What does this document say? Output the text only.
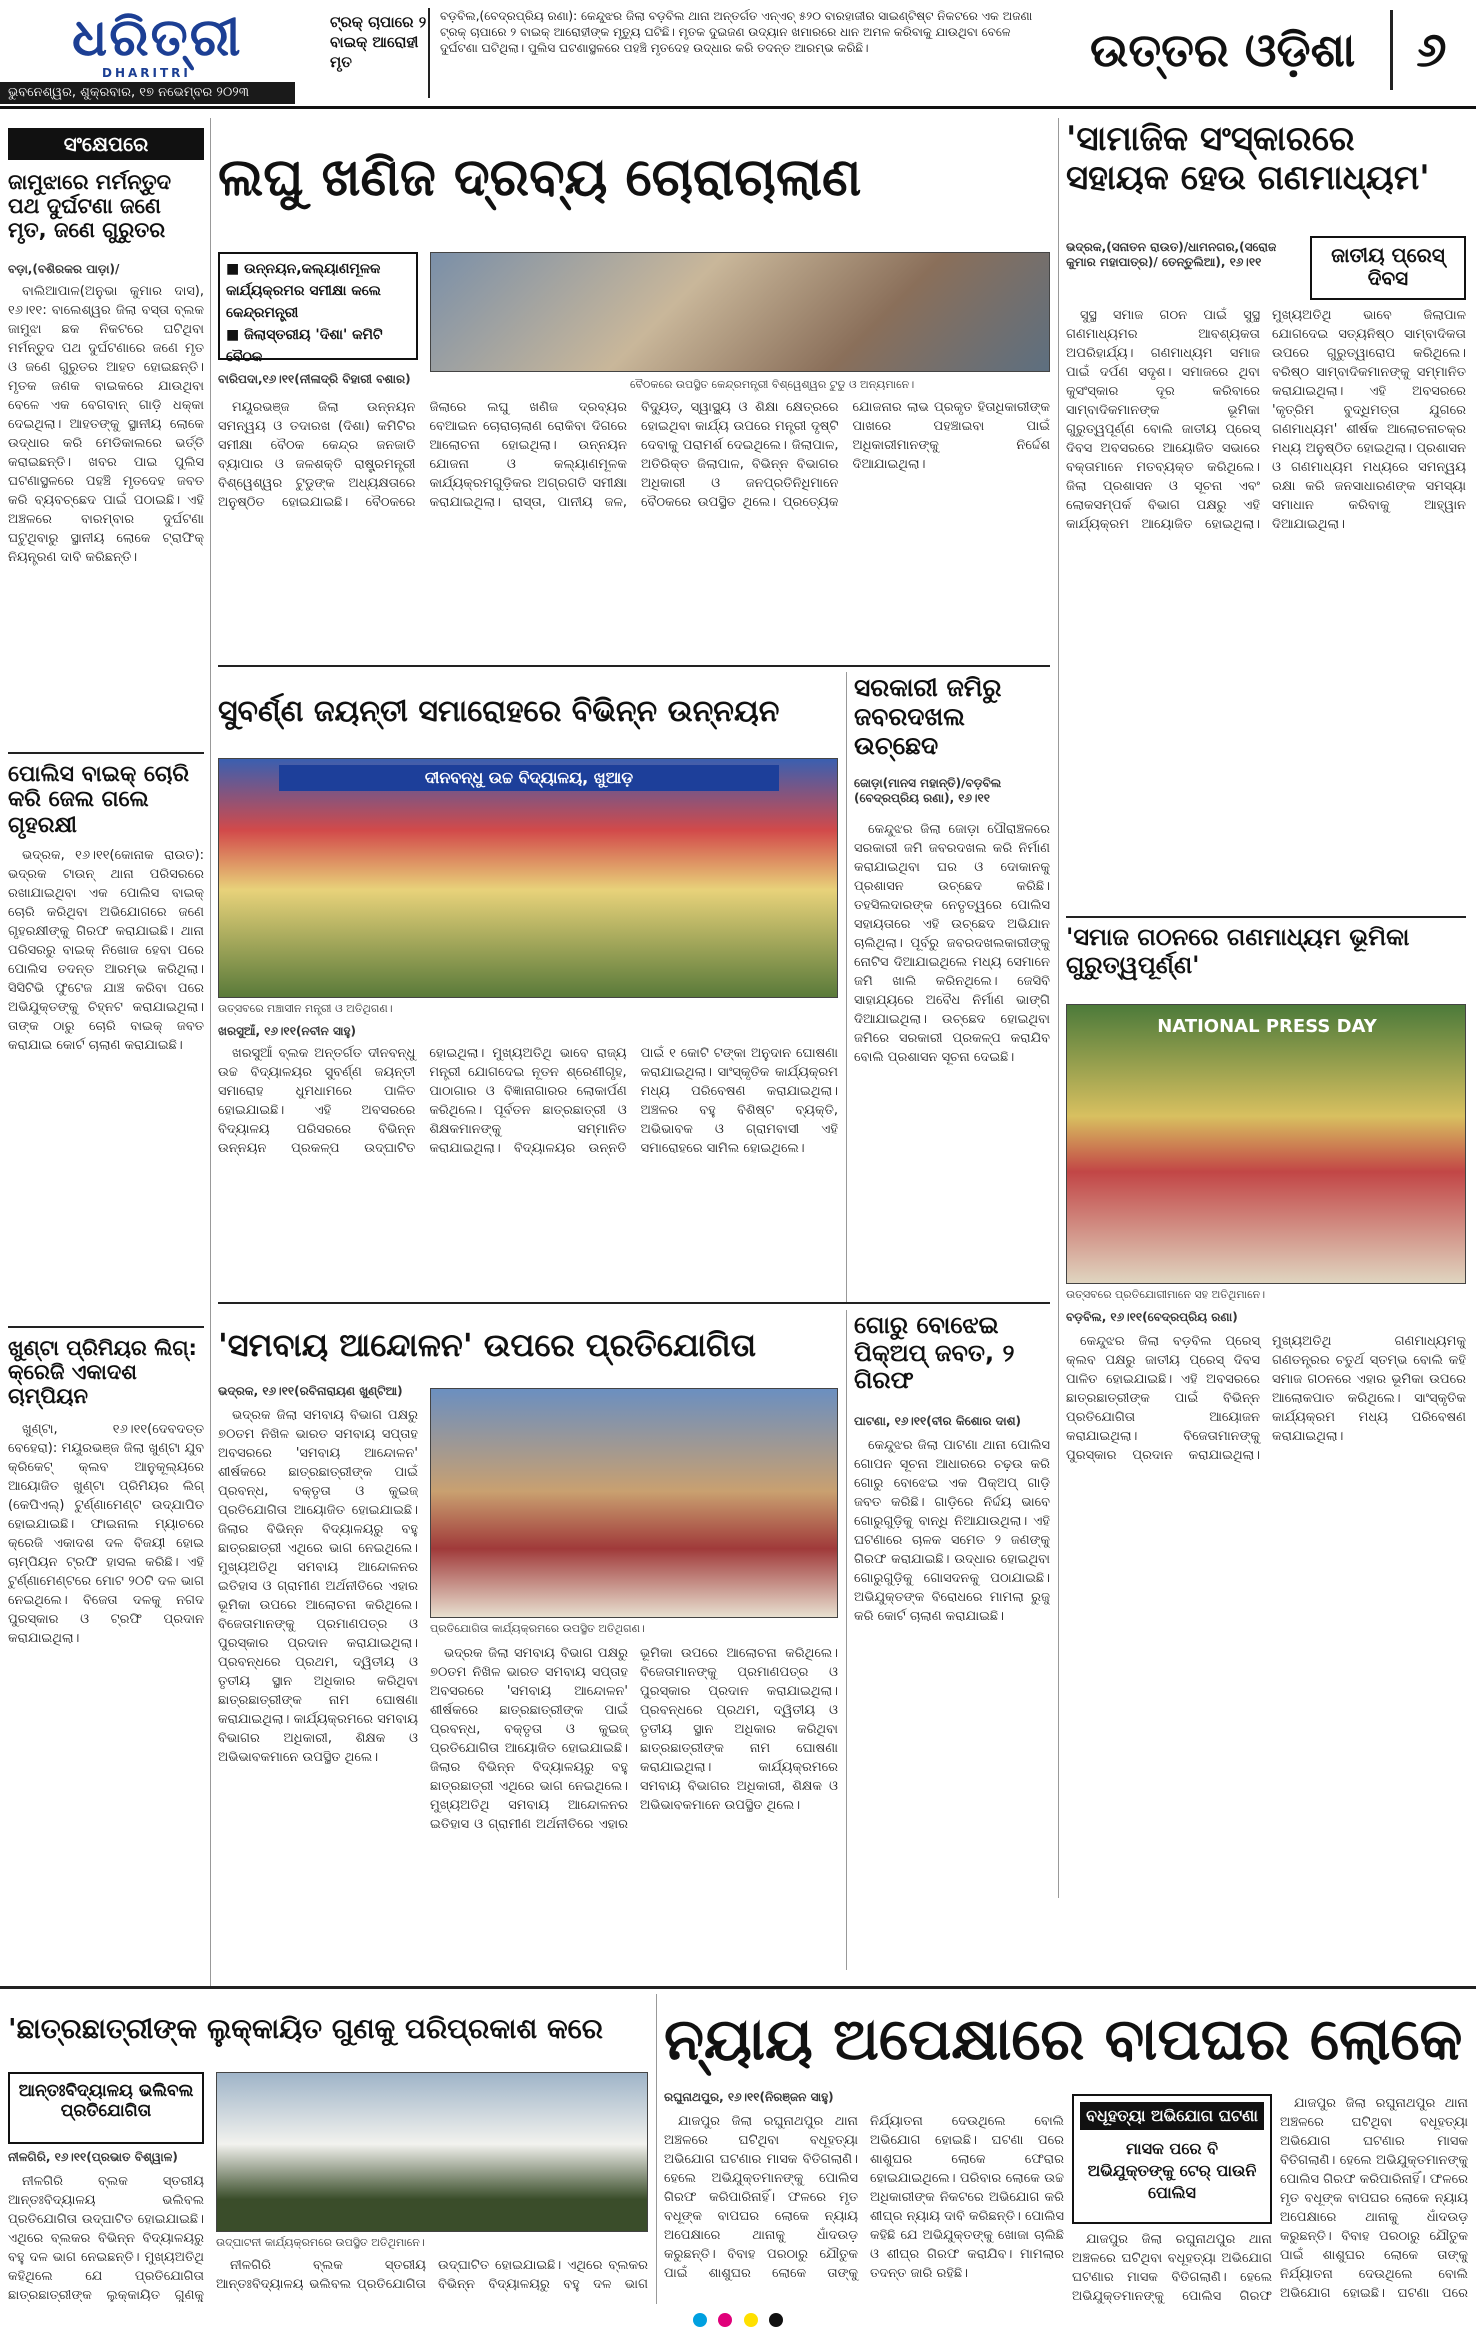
ଧରିତ୍ରୀ
DHARITRI
ଭୁବନେଶ୍ୱର, ଶୁକ୍ରବାର, ୧୭ ନଭେମ୍ବର ୨୦୨୩
ଟ୍ରକ୍ ଚାପାରେ ୨ ବାଇକ୍ ଆରୋହୀ ମୃତ
ବଡ଼ବିଲ,(ବେଦ୍ରପ୍ରିୟ ରଣା): କେନ୍ଦୁଝର ଜିଲା ବଡ଼ବିଲ ଥାନା ଅନ୍ତର୍ଗତ ଏନ୍‌ଏଚ୍ ୫୨୦ ବାରହାଜୀର ସାଇଣ୍ଟିଷ୍ଟ ନିକଟରେ ଏକ ଅଜଣା ଟ୍ରକ୍ ଚାପାରେ ୨ ବାଇକ୍ ଆରୋହୀଙ୍କ ମୃତ୍ୟୁ ଘଟିଛି। ମୃତକ ଦୁଇଜଣ ଉଦ୍ୟାନ ଖମାରରେ ଧାନ ଅମଳ କରିବାକୁ ଯାଉଥିବା ବେଳେ ଦୁର୍ଘଟଣା ଘଟିଥିଲା। ପୁଲିସ ଘଟଣାସ୍ଥଳରେ ପହଞ୍ଚି ମୃତଦେହ ଉଦ୍ଧାର କରି ତଦନ୍ତ ଆରମ୍ଭ କରିଛି।	ଉତ୍ତର ଓଡ଼ିଶା	୬
ସଂକ୍ଷେପରେ
ଜାମୁଝାରେ ମର୍ମନ୍ତୁଦ ପଥ ଦୁର୍ଘଟଣା ଜଣେ ମୃତ, ଜଣେ ଗୁରୁତର
ବଡ଼ା,(ବଶିରକର ପାଡ଼ା)/

ବାଲିଆପାଳ(ଅନୁଭା କୁମାର ଦାସ), ୧୬।୧୧: ବାଲେଶ୍ୱର ଜିଲା ବସ୍ତା ବ୍ଲକ ଜାମୁଝା ଛକ ନିକଟରେ ଘଟିଥିବା ମର୍ମନ୍ତୁଦ ପଥ ଦୁର୍ଘଟଣାରେ ଜଣେ ମୃତ ଓ ଜଣେ ଗୁରୁତର ଆହତ ହୋଇଛନ୍ତି। ମୃତକ ଜଣକ ବାଇକରେ ଯାଉଥିବା ବେଳେ ଏକ ବେଗବାନ୍ ଗାଡ଼ି ଧକ୍କା ଦେଇଥିଲା। ଆହତଙ୍କୁ ସ୍ଥାନୀୟ ଲୋକେ ଉଦ୍ଧାର କରି ମେଡିକାଲରେ ଭର୍ତ୍ତି କରାଇଛନ୍ତି। ଖବର ପାଇ ପୁଲିସ ଘଟଣାସ୍ଥଳରେ ପହଞ୍ଚି ମୃତଦେହ ଜବତ କରି ବ୍ୟବଚ୍ଛେଦ ପାଇଁ ପଠାଇଛି। ଏହି ଅଞ୍ଚଳରେ ବାରମ୍ବାର ଦୁର୍ଘଟଣା ଘଟୁଥିବାରୁ ସ୍ଥାନୀୟ ଲୋକେ ଟ୍ରାଫିକ୍ ନିୟନ୍ତ୍ରଣ ଦାବି କରିଛନ୍ତି।

ପୋଲିସ ବାଇକ୍ ଚୋରି କରି ଜେଲ ଗଲେ ଗୃହରକ୍ଷୀ

ଭଦ୍ରକ, ୧୬।୧୧(କୋନାକ ରାଉତ): ଭଦ୍ରକ ଟାଉନ୍ ଥାନା ପରିସରରେ ରଖାଯାଇଥିବା ଏକ ପୋଲିସ ବାଇକ୍ ଚୋରି କରିଥିବା ଅଭିଯୋଗରେ ଜଣେ ଗୃହରକ୍ଷୀଙ୍କୁ ଗିରଫ କରାଯାଇଛି। ଥାନା ପରିସରରୁ ବାଇକ୍ ନିଖୋଜ ହେବା ପରେ ପୋଲିସ ତଦନ୍ତ ଆରମ୍ଭ କରିଥିଲା। ସିସିଟିଭି ଫୁଟେଜ ଯାଞ୍ଚ କରିବା ପରେ ଅଭିଯୁକ୍ତଙ୍କୁ ଚିହ୍ନଟ କରାଯାଇଥିଲା। ତାଙ୍କ ଠାରୁ ଚୋରି ବାଇକ୍ ଜବତ କରାଯାଇ କୋର୍ଟ ଚାଲାଣ କରାଯାଇଛି।

ଖୁଣ୍ଟା ପ୍ରିମିୟର ଲିଗ୍: କ୍ରେଜି ଏକାଦଶ ଚାମ୍ପିୟନ

ଖୁଣ୍ଟା, ୧୬।୧୧(ଦେବଦତ୍ତ ବେହେରା): ମୟୂରଭଞ୍ଜ ଜିଲା ଖୁଣ୍ଟା ଯୁବ କ୍ରିକେଟ୍ କ୍ଲବ ଆନୁକୂଲ୍ୟରେ ଆୟୋଜିତ ଖୁଣ୍ଟା ପ୍ରିମିୟର ଲିଗ୍ (କେପିଏଲ୍) ଟୁର୍ଣ୍ଣାମେଣ୍ଟ ଉଦ୍‌ଯାପିତ ହୋଇଯାଇଛି। ଫାଇନାଲ ମ୍ୟାଚରେ କ୍ରେଜି ଏକାଦଶ ଦଳ ବିଜୟୀ ହୋଇ ଚାମ୍ପିୟନ ଟ୍ରଫି ହାସଲ କରିଛି। ଏହି ଟୁର୍ଣ୍ଣାମେଣ୍ଟରେ ମୋଟ ୨୦ଟି ଦଳ ଭାଗ ନେଇଥିଲେ। ବିଜେତା ଦଳକୁ ନଗଦ ପୁରସ୍କାର ଓ ଟ୍ରଫି ପ୍ରଦାନ କରାଯାଇଥିଲା।

ଲଘୁ ଖଣିଜ ଦ୍ରବ୍ୟ ଚୋରାଚାଲାଣ
■ ଉନ୍ନୟନ,କଲ୍ୟାଣମୂଳକ କାର୍ଯ୍ୟକ୍ରମର ସମୀକ୍ଷା କଲେ କେନ୍ଦ୍ରମନ୍ତ୍ରୀ
■ ଜିଲାସ୍ତରୀୟ 'ଦିଶା' କମିଟି ବୈଠକ
ବାରିପଦା,୧୬।୧୧(ନୀଳାଦ୍ରି ବିହାରୀ ବଶାର)	ବୈଠକରେ ଉପସ୍ଥିତ କେନ୍ଦ୍ରମନ୍ତ୍ରୀ ବିଶ୍ୱେଶ୍ୱର ଟୁଡୁ ଓ ଅନ୍ୟମାନେ।

ମୟୂରଭଞ୍ଜ ଜିଲା ଉନ୍ନୟନ ସମନ୍ୱୟ ଓ ତଦାରଖ (ଦିଶା) କମିଟିର ସମୀକ୍ଷା ବୈଠକ କେନ୍ଦ୍ର ଜନଜାତି ବ୍ୟାପାର ଓ ଜଳଶକ୍ତି ରାଷ୍ଟ୍ରମନ୍ତ୍ରୀ ବିଶ୍ୱେଶ୍ୱର ଟୁଡୁଙ୍କ ଅଧ୍ୟକ୍ଷତାରେ ଅନୁଷ୍ଠିତ ହୋଇଯାଇଛି। ବୈଠକରେ ଜିଲାରେ ଲଘୁ ଖଣିଜ ଦ୍ରବ୍ୟର ବେଆଇନ ଚୋରାଚାଲାଣ ରୋକିବା ଦିଗରେ ଆଲୋଚନା ହୋଇଥିଲା। ଉନ୍ନୟନ ଯୋଜନା ଓ କଲ୍ୟାଣମୂଳକ କାର୍ଯ୍ୟକ୍ରମଗୁଡ଼ିକର ଅଗ୍ରଗତି ସମୀକ୍ଷା କରାଯାଇଥିଲା। ରାସ୍ତା, ପାନୀୟ ଜଳ, ବିଦ୍ୟୁତ୍, ସ୍ୱାସ୍ଥ୍ୟ ଓ ଶିକ୍ଷା କ୍ଷେତ୍ରରେ ହୋଇଥିବା କାର୍ଯ୍ୟ ଉପରେ ମନ୍ତ୍ରୀ ଦୃଷ୍ଟି ଦେବାକୁ ପରାମର୍ଶ ଦେଇଥିଲେ। ଜିଲାପାଳ, ଅତିରିକ୍ତ ଜିଲାପାଳ, ବିଭିନ୍ନ ବିଭାଗର ଅଧିକାରୀ ଓ ଜନପ୍ରତିନିଧିମାନେ ବୈଠକରେ ଉପସ୍ଥିତ ଥିଲେ। ପ୍ରତ୍ୟେକ ଯୋଜନାର ଲାଭ ପ୍ରକୃତ ହିତାଧିକାରୀଙ୍କ ପାଖରେ ପହଞ୍ଚାଇବା ପାଇଁ ଅଧିକାରୀମାନଙ୍କୁ ନିର୍ଦ୍ଦେଶ ଦିଆଯାଇଥିଲା।

'ସାମାଜିକ ସଂସ୍କାରରେ ସହାୟକ ହେଉ ଗଣମାଧ୍ୟମ'
ଭଦ୍ରକ,(ସନାତନ ରାଉତ)/ଧାମନଗର,(ସରୋଜ କୁମାର ମହାପାତ୍ର)/ ତେନ୍ତୁଲିଆ), ୧୬।୧୧	ଜାତୀୟ ପ୍ରେସ୍ ଦିବସ

ସୁସ୍ଥ ସମାଜ ଗଠନ ପାଇଁ ସୁସ୍ଥ ଗଣମାଧ୍ୟମର ଆବଶ୍ୟକତା ଅପରିହାର୍ଯ୍ୟ। ଗଣମାଧ୍ୟମ ସମାଜ ପାଇଁ ଦର୍ପଣ ସଦୃଶ। ସମାଜରେ ଥିବା କୁସଂସ୍କାର ଦୂର କରିବାରେ ସାମ୍ବାଦିକମାନଙ୍କ ଭୂମିକା ଗୁରୁତ୍ୱପୂର୍ଣ୍ଣ ବୋଲି ଜାତୀୟ ପ୍ରେସ୍ ଦିବସ ଅବସରରେ ଆୟୋଜିତ ସଭାରେ ବକ୍ତାମାନେ ମତବ୍ୟକ୍ତ କରିଥିଲେ। ଜିଲା ପ୍ରଶାସନ ଓ ସୂଚନା ଏବଂ ଲୋକସମ୍ପର୍କ ବିଭାଗ ପକ୍ଷରୁ ଏହି କାର୍ଯ୍ୟକ୍ରମ ଆୟୋଜିତ ହୋଇଥିଲା। ମୁଖ୍ୟଅତିଥି ଭାବେ ଜିଲାପାଳ ଯୋଗଦେଇ ସତ୍ୟନିଷ୍ଠ ସାମ୍ବାଦିକତା ଉପରେ ଗୁରୁତ୍ୱାରୋପ କରିଥିଲେ। ବରିଷ୍ଠ ସାମ୍ବାଦିକମାନଙ୍କୁ ସମ୍ମାନିତ କରାଯାଇଥିଲା। ଏହି ଅବସରରେ 'କୃତ୍ରିମ ବୁଦ୍ଧିମତ୍ତା ଯୁଗରେ ଗଣମାଧ୍ୟମ' ଶୀର୍ଷକ ଆଲୋଚନାଚକ୍ର ମଧ୍ୟ ଅନୁଷ୍ଠିତ ହୋଇଥିଲା। ପ୍ରଶାସନ ଓ ଗଣମାଧ୍ୟମ ମଧ୍ୟରେ ସମନ୍ୱୟ ରକ୍ଷା କରି ଜନସାଧାରଣଙ୍କ ସମସ୍ୟା ସମାଧାନ କରିବାକୁ ଆହ୍ୱାନ ଦିଆଯାଇଥିଲା।

ସୁବର୍ଣ୍ଣ ଜୟନ୍ତୀ ସମାରୋହରେ ବିଭିନ୍ନ ଉନ୍ନୟନ
ଦୀନବନ୍ଧୁ ଉଚ୍ଚ ବିଦ୍ୟାଳୟ, ଖୁଆଡ଼
ଉତ୍ସବରେ ମଞ୍ଚାସୀନ ମନ୍ତ୍ରୀ ଓ ଅତିଥିଗଣ।
ଖରସୁଆଁ, ୧୬।୧୧(ନବୀନ ସାହୁ)

ଖରସୁଆଁ ବ୍ଲକ ଅନ୍ତର୍ଗତ ଦୀନବନ୍ଧୁ ଉଚ୍ଚ ବିଦ୍ୟାଳୟର ସୁବର୍ଣ୍ଣ ଜୟନ୍ତୀ ସମାରୋହ ଧୁମଧାମରେ ପାଳିତ ହୋଇଯାଇଛି। ଏହି ଅବସରରେ ବିଦ୍ୟାଳୟ ପରିସରରେ ବିଭିନ୍ନ ଉନ୍ନୟନ ପ୍ରକଳ୍ପ ଉଦ୍‌ଘାଟିତ ହୋଇଥିଲା। ମୁଖ୍ୟଅତିଥି ଭାବେ ରାଜ୍ୟ ମନ୍ତ୍ରୀ ଯୋଗଦେଇ ନୂତନ ଶ୍ରେଣୀଗୃହ, ପାଠାଗାର ଓ ବିଜ୍ଞାନାଗାରର ଲୋକାର୍ପଣ କରିଥିଲେ। ପୂର୍ବତନ ଛାତ୍ରଛାତ୍ରୀ ଓ ଶିକ୍ଷକମାନଙ୍କୁ ସମ୍ମାନିତ କରାଯାଇଥିଲା। ବିଦ୍ୟାଳୟର ଉନ୍ନତି ପାଇଁ ୧ କୋଟି ଟଙ୍କା ଅନୁଦାନ ଘୋଷଣା କରାଯାଇଥିଲା। ସାଂସ୍କୃତିକ କାର୍ଯ୍ୟକ୍ରମ ମଧ୍ୟ ପରିବେଷଣ କରାଯାଇଥିଲା। ଅଞ୍ଚଳର ବହୁ ବିଶିଷ୍ଟ ବ୍ୟକ୍ତି, ଅଭିଭାବକ ଓ ଗ୍ରାମବାସୀ ଏହି ସମାରୋହରେ ସାମିଲ ହୋଇଥିଲେ।

ସରକାରୀ ଜମିରୁ ଜବରଦଖଲ ଉଚ୍ଛେଦ
ଜୋଡ଼ା(ମାନସ ମହାନ୍ତି)/ବଡ଼ବିଲ (ବେଦ୍ରପ୍ରିୟ ରଣା), ୧୬।୧୧

କେନ୍ଦୁଝର ଜିଲା ଜୋଡ଼ା ପୌରାଞ୍ଚଳରେ ସରକାରୀ ଜମି ଜବରଦଖଲ କରି ନିର୍ମାଣ କରାଯାଇଥିବା ଘର ଓ ଦୋକାନକୁ ପ୍ରଶାସନ ଉଚ୍ଛେଦ କରିଛି। ତହସିଲଦାରଙ୍କ ନେତୃତ୍ୱରେ ପୋଲିସ ସହାୟତାରେ ଏହି ଉଚ୍ଛେଦ ଅଭିଯାନ ଚାଲିଥିଲା। ପୂର୍ବରୁ ଜବରଦଖଲକାରୀଙ୍କୁ ନୋଟିସ ଦିଆଯାଇଥିଲେ ମଧ୍ୟ ସେମାନେ ଜମି ଖାଲି କରିନଥିଲେ। ଜେସିବି ସାହାଯ୍ୟରେ ଅବୈଧ ନିର୍ମାଣ ଭାଙ୍ଗି ଦିଆଯାଇଥିଲା। ଉଚ୍ଛେଦ ହୋଇଥିବା ଜମିରେ ସରକାରୀ ପ୍ରକଳ୍ପ କରାଯିବ ବୋଲି ପ୍ରଶାସନ ସୂଚନା ଦେଇଛି।

'ସମାଜ ଗଠନରେ ଗଣମାଧ୍ୟମ ଭୂମିକା ଗୁରୁତ୍ୱପୂର୍ଣ୍ଣ'
NATIONAL PRESS DAY
ଉତ୍ସବରେ ପ୍ରତିଯୋଗୀମାନେ ସହ ଅତିଥିମାନେ।
ବଡ଼ବିଲ, ୧୬।୧୧(ବେଦ୍ରପ୍ରିୟ ରଣା)

କେନ୍ଦୁଝର ଜିଲା ବଡ଼ବିଲ ପ୍ରେସ୍ କ୍ଲବ ପକ୍ଷରୁ ଜାତୀୟ ପ୍ରେସ୍ ଦିବସ ପାଳିତ ହୋଇଯାଇଛି। ଏହି ଅବସରରେ ଛାତ୍ରଛାତ୍ରୀଙ୍କ ପାଇଁ ବିଭିନ୍ନ ପ୍ରତିଯୋଗିତା ଆୟୋଜନ କରାଯାଇଥିଲା। ବିଜେତାମାନଙ୍କୁ ପୁରସ୍କାର ପ୍ରଦାନ କରାଯାଇଥିଲା। ମୁଖ୍ୟଅତିଥି ଗଣମାଧ୍ୟମକୁ ଗଣତନ୍ତ୍ରର ଚତୁର୍ଥ ସ୍ତମ୍ଭ ବୋଲି କହି ସମାଜ ଗଠନରେ ଏହାର ଭୂମିକା ଉପରେ ଆଲୋକପାତ କରିଥିଲେ। ସାଂସ୍କୃତିକ କାର୍ଯ୍ୟକ୍ରମ ମଧ୍ୟ ପରିବେଷଣ କରାଯାଇଥିଲା।

'ସମବାୟ ଆନ୍ଦୋଳନ' ଉପରେ ପ୍ରତିଯୋଗିତା
ଭଦ୍ରକ, ୧୬।୧୧(ରବିନାରାୟଣ ଖୁଣ୍ଟିଆ)

ଭଦ୍ରକ ଜିଲା ସମବାୟ ବିଭାଗ ପକ୍ଷରୁ ୭୦ତମ ନିଖିଳ ଭାରତ ସମବାୟ ସପ୍ତାହ ଅବସରରେ 'ସମବାୟ ଆନ୍ଦୋଳନ' ଶୀର୍ଷକରେ ଛାତ୍ରଛାତ୍ରୀଙ୍କ ପାଇଁ ପ୍ରବନ୍ଧ, ବକ୍ତୃତା ଓ କୁଇଜ୍ ପ୍ରତିଯୋଗିତା ଆୟୋଜିତ ହୋଇଯାଇଛି। ଜିଲାର ବିଭିନ୍ନ ବିଦ୍ୟାଳୟରୁ ବହୁ ଛାତ୍ରଛାତ୍ରୀ ଏଥିରେ ଭାଗ ନେଇଥିଲେ। ମୁଖ୍ୟଅତିଥି ସମବାୟ ଆନ୍ଦୋଳନର ଇତିହାସ ଓ ଗ୍ରାମୀଣ ଅର୍ଥନୀତିରେ ଏହାର ଭୂମିକା ଉପରେ ଆଲୋଚନା କରିଥିଲେ। ବିଜେତାମାନଙ୍କୁ ପ୍ରମାଣପତ୍ର ଓ ପୁରସ୍କାର ପ୍ରଦାନ କରାଯାଇଥିଲା। ପ୍ରବନ୍ଧରେ ପ୍ରଥମ, ଦ୍ୱିତୀୟ ଓ ତୃତୀୟ ସ୍ଥାନ ଅଧିକାର କରିଥିବା ଛାତ୍ରଛାତ୍ରୀଙ୍କ ନାମ ଘୋଷଣା କରାଯାଇଥିଲା। କାର୍ଯ୍ୟକ୍ରମରେ ସମବାୟ ବିଭାଗର ଅଧିକାରୀ, ଶିକ୍ଷକ ଓ ଅଭିଭାବକମାନେ ଉପସ୍ଥିତ ଥିଲେ।

ପ୍ରତିଯୋଗିତା କାର୍ଯ୍ୟକ୍ରମରେ ଉପସ୍ଥିତ ଅତିଥିଗଣ।

ଭଦ୍ରକ ଜିଲା ସମବାୟ ବିଭାଗ ପକ୍ଷରୁ ୭୦ତମ ନିଖିଳ ଭାରତ ସମବାୟ ସପ୍ତାହ ଅବସରରେ 'ସମବାୟ ଆନ୍ଦୋଳନ' ଶୀର୍ଷକରେ ଛାତ୍ରଛାତ୍ରୀଙ୍କ ପାଇଁ ପ୍ରବନ୍ଧ, ବକ୍ତୃତା ଓ କୁଇଜ୍ ପ୍ରତିଯୋଗିତା ଆୟୋଜିତ ହୋଇଯାଇଛି। ଜିଲାର ବିଭିନ୍ନ ବିଦ୍ୟାଳୟରୁ ବହୁ ଛାତ୍ରଛାତ୍ରୀ ଏଥିରେ ଭାଗ ନେଇଥିଲେ। ମୁଖ୍ୟଅତିଥି ସମବାୟ ଆନ୍ଦୋଳନର ଇତିହାସ ଓ ଗ୍ରାମୀଣ ଅର୍ଥନୀତିରେ ଏହାର ଭୂମିକା ଉପରେ ଆଲୋଚନା କରିଥିଲେ। ବିଜେତାମାନଙ୍କୁ ପ୍ରମାଣପତ୍ର ଓ ପୁରସ୍କାର ପ୍ରଦାନ କରାଯାଇଥିଲା। ପ୍ରବନ୍ଧରେ ପ୍ରଥମ, ଦ୍ୱିତୀୟ ଓ ତୃତୀୟ ସ୍ଥାନ ଅଧିକାର କରିଥିବା ଛାତ୍ରଛାତ୍ରୀଙ୍କ ନାମ ଘୋଷଣା କରାଯାଇଥିଲା। କାର୍ଯ୍ୟକ୍ରମରେ ସମବାୟ ବିଭାଗର ଅଧିକାରୀ, ଶିକ୍ଷକ ଓ ଅଭିଭାବକମାନେ ଉପସ୍ଥିତ ଥିଲେ।

ଗୋରୁ ବୋଝେଇ ପିକ୍‌ଅପ୍ ଜବତ, ୨ ଗିରଫ
ପାଟଣା, ୧୬।୧୧(ବୀର କିଶୋର ଦାଶ)

କେନ୍ଦୁଝର ଜିଲା ପାଟଣା ଥାନା ପୋଲିସ ଗୋପନ ସୂଚନା ଆଧାରରେ ଚଢ଼ଉ କରି ଗୋରୁ ବୋଝେଇ ଏକ ପିକ୍‌ଅପ୍ ଗାଡ଼ି ଜବତ କରିଛି। ଗାଡ଼ିରେ ନିର୍ଦ୍ଦୟ ଭାବେ ଗୋରୁଗୁଡ଼ିକୁ ବାନ୍ଧି ନିଆଯାଉଥିଲା। ଏହି ଘଟଣାରେ ଚାଳକ ସମେତ ୨ ଜଣଙ୍କୁ ଗିରଫ କରାଯାଇଛି। ଉଦ୍ଧାର ହୋଇଥିବା ଗୋରୁଗୁଡ଼ିକୁ ଗୋସଦନକୁ ପଠାଯାଇଛି। ଅଭିଯୁକ୍ତଙ୍କ ବିରୋଧରେ ମାମଲା ରୁଜୁ କରି କୋର୍ଟ ଚାଲାଣ କରାଯାଇଛି।

'ଛାତ୍ରଛାତ୍ରୀଙ୍କ ଲୁକ୍କାୟିତ ଗୁଣକୁ ପରିପ୍ରକାଶ କରେ
ଆନ୍ତଃବିଦ୍ୟାଳୟ ଭଲିବଲ ପ୍ରତିଯୋଗିତା
ନୀଳଗିରି, ୧୬।୧୧(ପ୍ରଭାତ ବିଶ୍ୱାଳ)

ନୀଳଗିରି ବ୍ଲକ ସ୍ତରୀୟ ଆନ୍ତଃବିଦ୍ୟାଳୟ ଭଲିବଲ ପ୍ରତିଯୋଗିତା ଉଦ୍‌ଘାଟିତ ହୋଇଯାଇଛି। ଏଥିରେ ବ୍ଲକର ବିଭିନ୍ନ ବିଦ୍ୟାଳୟରୁ ବହୁ ଦଳ ଭାଗ ନେଇଛନ୍ତି। ମୁଖ୍ୟଅତିଥି କହିଥିଲେ ଯେ ପ୍ରତିଯୋଗିତା ଛାତ୍ରଛାତ୍ରୀଙ୍କ ଲୁକ୍କାୟିତ ଗୁଣକୁ

ଉଦ୍‌ଘାଟନୀ କାର୍ଯ୍ୟକ୍ରମରେ ଉପସ୍ଥିତ ଅତିଥିମାନେ।

ନୀଳଗିରି ବ୍ଲକ ସ୍ତରୀୟ ଆନ୍ତଃବିଦ୍ୟାଳୟ ଭଲିବଲ ପ୍ରତିଯୋଗିତା ଉଦ୍‌ଘାଟିତ ହୋଇଯାଇଛି। ଏଥିରେ ବ୍ଲକର ବିଭିନ୍ନ ବିଦ୍ୟାଳୟରୁ ବହୁ ଦଳ ଭାଗ

ନ୍ୟାୟ ଅପେକ୍ଷାରେ ବାପଘର ଲୋକେ
ରଘୁନାଥପୁର, ୧୬।୧୧(ନିରଞ୍ଜନ ସାହୁ)

ଯାଜପୁର ଜିଲା ରଘୁନାଥପୁର ଥାନା ଅଞ୍ଚଳରେ ଘଟିଥିବା ବଧୂହତ୍ୟା ଅଭିଯୋଗ ଘଟଣାର ମାସକ ବିତିଗଲାଣି। ହେଲେ ଅଭିଯୁକ୍ତମାନଙ୍କୁ ପୋଲିସ ଗିରଫ କରିପାରିନାହିଁ। ଫଳରେ ମୃତ ବଧୂଙ୍କ ବାପଘର ଲୋକେ ନ୍ୟାୟ ଅପେକ୍ଷାରେ ଥାନାକୁ ଧାଁଦଉଡ଼ କରୁଛନ୍ତି। ବିବାହ ପରଠାରୁ ଯୌତୁକ ପାଇଁ ଶାଶୁଘର ଲୋକେ ତାଙ୍କୁ ନିର୍ଯ୍ୟାତନା ଦେଉଥିଲେ ବୋଲି ଅଭିଯୋଗ ହୋଇଛି। ଘଟଣା ପରେ ଶାଶୁଘର ଲୋକେ ଫେରାର ହୋଇଯାଇଥିଲେ। ପରିବାର ଲୋକେ ଉଚ୍ଚ ଅଧିକାରୀଙ୍କ ନିକଟରେ ଅଭିଯୋଗ କରି ଶୀଘ୍ର ନ୍ୟାୟ ଦାବି କରିଛନ୍ତି। ପୋଲିସ କହିଛି ଯେ ଅଭିଯୁକ୍ତଙ୍କୁ ଖୋଜା ଚାଲିଛି ଓ ଶୀଘ୍ର ଗିରଫ କରାଯିବ। ମାମଲାର ତଦନ୍ତ ଜାରି ରହିଛି।

ବଧୂହତ୍ୟା ଅଭିଯୋଗ ଘଟଣା
ମାସକ ପରେ ବି ଅଭିଯୁକ୍ତଙ୍କୁ ଟେର୍ ପାଉନି ପୋଲିସ

ଯାଜପୁର ଜିଲା ରଘୁନାଥପୁର ଥାନା ଅଞ୍ଚଳରେ ଘଟିଥିବା ବଧୂହତ୍ୟା ଅଭିଯୋଗ ଘଟଣାର ମାସକ ବିତିଗଲାଣି। ହେଲେ ଅଭିଯୁକ୍ତମାନଙ୍କୁ ପୋଲିସ ଗିରଫ

ଯାଜପୁର ଜିଲା ରଘୁନାଥପୁର ଥାନା ଅଞ୍ଚଳରେ ଘଟିଥିବା ବଧୂହତ୍ୟା ଅଭିଯୋଗ ଘଟଣାର ମାସକ ବିତିଗଲାଣି। ହେଲେ ଅଭିଯୁକ୍ତମାନଙ୍କୁ ପୋଲିସ ଗିରଫ କରିପାରିନାହିଁ। ଫଳରେ ମୃତ ବଧୂଙ୍କ ବାପଘର ଲୋକେ ନ୍ୟାୟ ଅପେକ୍ଷାରେ ଥାନାକୁ ଧାଁଦଉଡ଼ କରୁଛନ୍ତି। ବିବାହ ପରଠାରୁ ଯୌତୁକ ପାଇଁ ଶାଶୁଘର ଲୋକେ ତାଙ୍କୁ ନିର୍ଯ୍ୟାତନା ଦେଉଥିଲେ ବୋଲି ଅଭିଯୋଗ ହୋଇଛି। ଘଟଣା ପରେ
